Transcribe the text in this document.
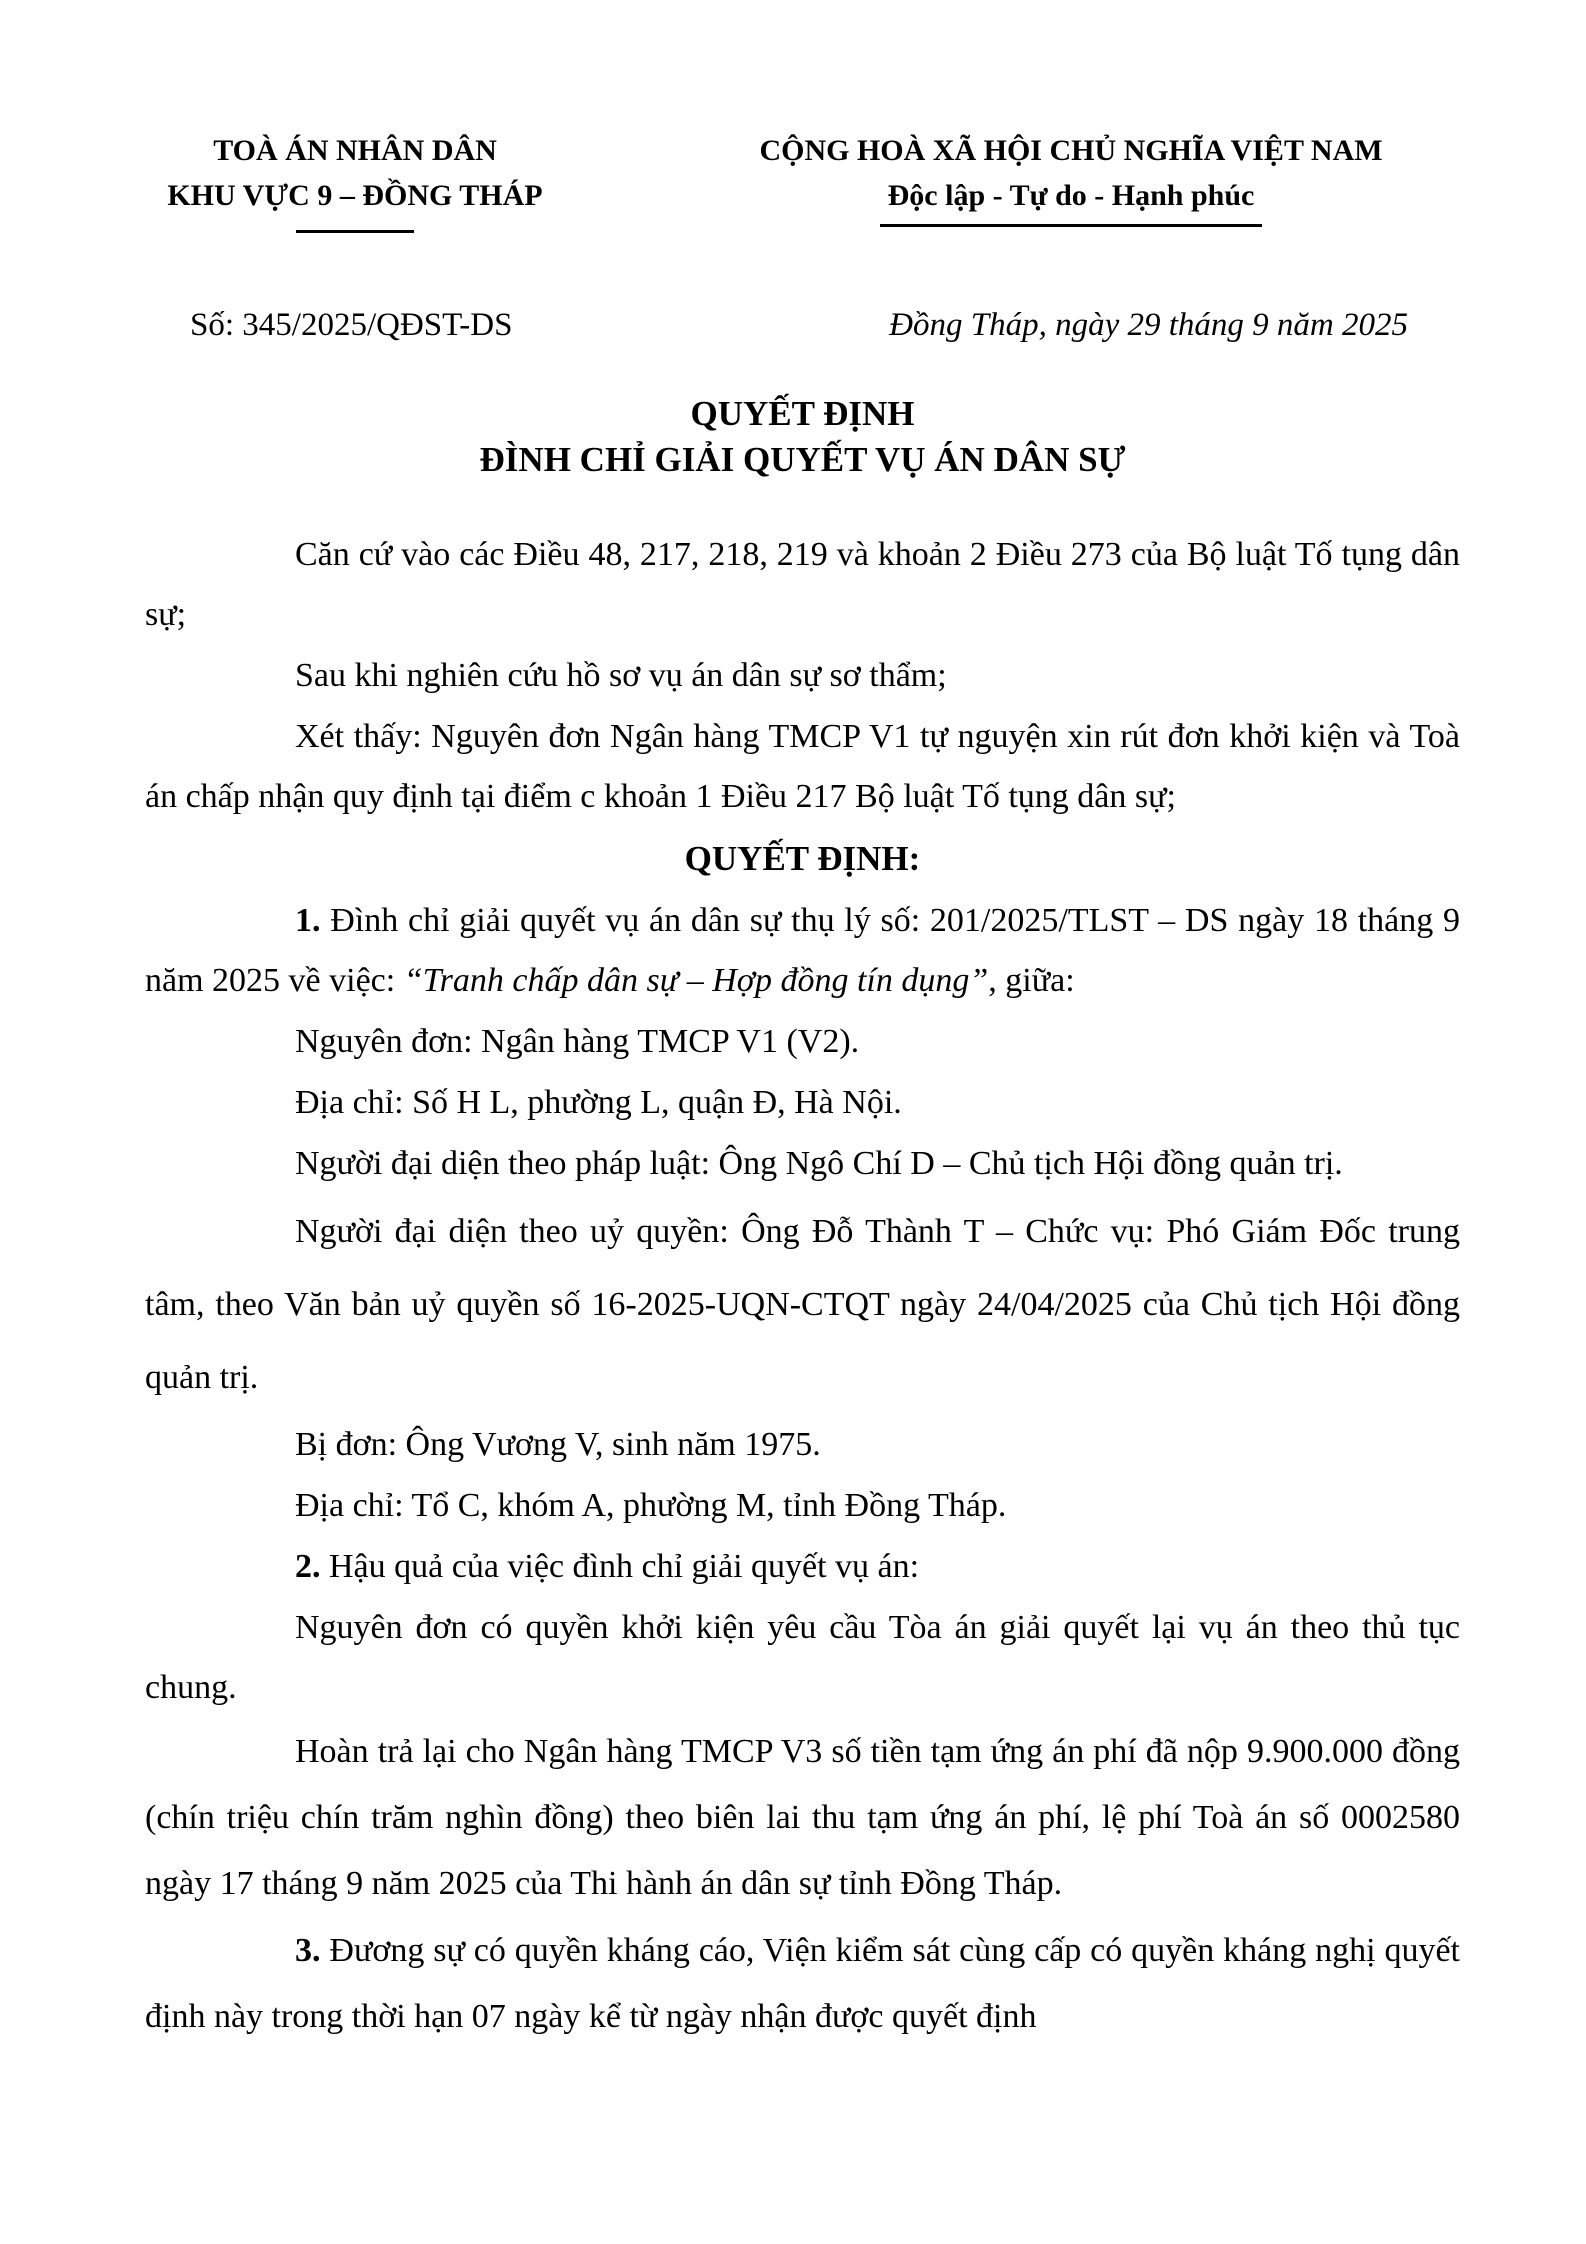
TOÀ ÁN NHÂN DÂN
KHU VỰC 9 – ĐỒNG THÁP
CỘNG HOÀ XÃ HỘI CHỦ NGHĨA VIỆT NAM
Độc lập - Tự do - Hạnh phúc
Số: 345/2025/QĐST-DS	Đồng Tháp, ngày 29 tháng 9 năm 2025
QUYẾT ĐỊNH
ĐÌNH CHỈ GIẢI QUYẾT VỤ ÁN DÂN SỰ

Căn cứ vào các Điều 48, 217, 218, 219 và khoản 2 Điều 273 của Bộ luật Tố tụng dân sự;

Sau khi nghiên cứu hồ sơ vụ án dân sự sơ thẩm;

Xét thấy: Nguyên đơn Ngân hàng TMCP V1 tự nguyện xin rút đơn khởi kiện và Toà án chấp nhận quy định tại điểm c khoản 1 Điều 217 Bộ luật Tố tụng dân sự;

QUYẾT ĐỊNH:

1. Đình chỉ giải quyết vụ án dân sự thụ lý số: 201/2025/TLST – DS ngày 18 tháng 9 năm 2025 về việc: “Tranh chấp dân sự – Hợp đồng tín dụng”, giữa:

Nguyên đơn: Ngân hàng TMCP V1 (V2).

Địa chỉ: Số H L, phường L, quận Đ, Hà Nội.

Người đại diện theo pháp luật: Ông Ngô Chí D – Chủ tịch Hội đồng quản trị.

Người đại diện theo uỷ quyền: Ông Đỗ Thành T – Chức vụ: Phó Giám Đốc trung tâm, theo Văn bản uỷ quyền số 16-2025-UQN-CTQT ngày 24/04/2025 của Chủ tịch Hội đồng quản trị.

Bị đơn: Ông Vương V, sinh năm 1975.

Địa chỉ: Tổ C, khóm A, phường M, tỉnh Đồng Tháp.

2. Hậu quả của việc đình chỉ giải quyết vụ án:

Nguyên đơn có quyền khởi kiện yêu cầu Tòa án giải quyết lại vụ án theo thủ tục chung.

Hoàn trả lại cho Ngân hàng TMCP V3 số tiền tạm ứng án phí đã nộp 9.900.000 đồng (chín triệu chín trăm nghìn đồng) theo biên lai thu tạm ứng án phí, lệ phí Toà án số 0002580 ngày 17 tháng 9 năm 2025 của Thi hành án dân sự tỉnh Đồng Tháp.

3. Đương sự có quyền kháng cáo, Viện kiểm sát cùng cấp có quyền kháng nghị quyết định này trong thời hạn 07 ngày kể từ ngày nhận được quyết định
